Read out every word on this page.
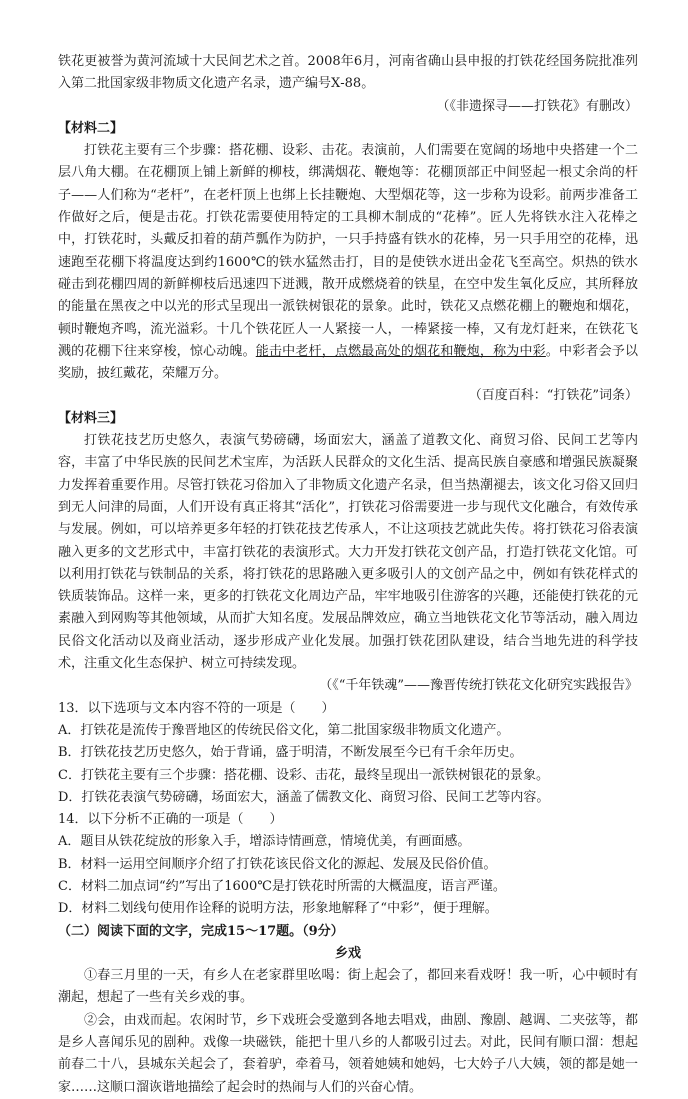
铁花更被誉为黄河流域十大民间艺术之首。2008年6月，河南省确山县申报的打铁花经国务院批准列入第二批国家级非物质文化遗产名录，遗产编号Ⅹ-88。

（《非遗探寻——打铁花》有删改）

【材料二】

打铁花主要有三个步骤：搭花棚、设彩、击花。表演前，人们需要在宽阔的场地中央搭建一个二层八角大棚。在花棚顶上铺上新鲜的柳枝，绑满烟花、鞭炮等：花棚顶部正中间竖起一根丈余尚的杆子——人们称为“老杆”，在老杆顶上也绑上长挂鞭炮、大型烟花等，这一步称为设彩。前两步准备工作做好之后，便是击花。打铁花需要使用特定的工具柳木制成的“花棒”。匠人先将铁水注入花棒之中，打铁花时，头戴反扣着的葫芦瓢作为防护，一只手持盛有铁水的花棒，另一只手用空的花棒，迅速跑至花棚下将温度达到约1600℃的铁水猛然击打，目的是使铁水迸出金花飞至高空。炽热的铁水碰击到花棚四周的新鲜柳枝后迅速四下迸溅，散开成燃烧着的铁星，在空中发生氧化反应，其所释放的能量在黑夜之中以光的形式呈现出一派铁树银花的景象。此时，铁花又点燃花棚上的鞭炮和烟花，顿时鞭炮齐鸣，流光溢彩。十几个铁花匠人一人紧接一人，一棒紧接一棒，又有龙灯赶来，在铁花飞溅的花棚下往来穿梭，惊心动魄。能击中老杆，点燃最高处的烟花和鞭炮，称为中彩。中彩者会予以奖励，披红戴花，荣耀万分。

（百度百科：“打铁花”词条）

【材料三】

打铁花技艺历史悠久，表演气势磅礴，场面宏大，涵盖了道教文化、商贸习俗、民间工艺等内容，丰富了中华民族的民间艺术宝库，为活跃人民群众的文化生活、提高民族自豪感和增强民族凝聚力发挥着重要作用。尽管打铁花习俗加入了非物质文化遗产名录，但当热潮褪去，该文化习俗又回归到无人问津的局面，人们开设有真正将其“活化”，打铁花习俗需要进一步与现代文化融合，有效传承与发展。例如，可以培养更多年轻的打铁花技艺传承人，不让这项技艺就此失传。将打铁花习俗表演融入更多的文艺形式中，丰富打铁花的表演形式。大力开发打铁花文创产品，打造打铁花文化馆。可以利用打铁花与铁制品的关系，将打铁花的思路融入更多吸引人的文创产品之中，例如有铁花样式的铁质装饰品。这样一来，更多的打铁花文化周边产品，牢牢地吸引住游客的兴趣，还能使打铁花的元素融入到网购等其他领域，从而扩大知名度。发展品牌效应，确立当地铁花文化节等活动，融入周边民俗文化活动以及商业活动，逐步形成产业化发展。加强打铁花团队建设，结合当地先进的科学技术，注重文化生态保护、树立可持续发现。

（《“千年铁魂”——豫晋传统打铁花文化研究实践报告》

13．以下选项与文本内容不符的一项是（　　）

A．打铁花是流传于豫晋地区的传统民俗文化，第二批国家级非物质文化遗产。

B．打铁花技艺历史悠久，始于背诵，盛于明清，不断发展至今已有千余年历史。

C．打铁花主要有三个步骤：搭花棚、设彩、击花，最终呈现出一派铁树银花的景象。

D．打铁花表演气势磅礴，场面宏大，涵盖了儒教文化、商贸习俗、民间工艺等内容。

14．以下分析不正确的一项是（　　）

A．题目从铁花绽放的形象入手，增添诗情画意，情境优美，有画面感。

B．材料一运用空间顺序介绍了打铁花该民俗文化的源起、发展及民俗价值。

C．材料二加点词“约”写出了1600℃是打铁花时所需的大概温度，语言严谨。

D．材料二划线句使用作诠释的说明方法，形象地解释了“中彩”，便于理解。

（二）阅读下面的文字，完成15～17题。（9分）

乡戏

①春三月里的一天，有乡人在老家群里吆喝：街上起会了，都回来看戏呀！我一听，心中顿时有潮起，想起了一些有关乡戏的事。

②会，由戏而起。农闲时节，乡下戏班会受邀到各地去唱戏，曲剧、豫剧、越调、二夹弦等，都是乡人喜闻乐见的剧种。戏像一块磁铁，能把十里八乡的人都吸引过去。对此，民间有顺口溜：想起前春二十八，县城东关起会了，套着驴，牵着马，领着她姨和她妈，七大妗子八大姨，领的都是她一家……这顺口溜诙谐地描绘了起会时的热闹与人们的兴奋心情。
